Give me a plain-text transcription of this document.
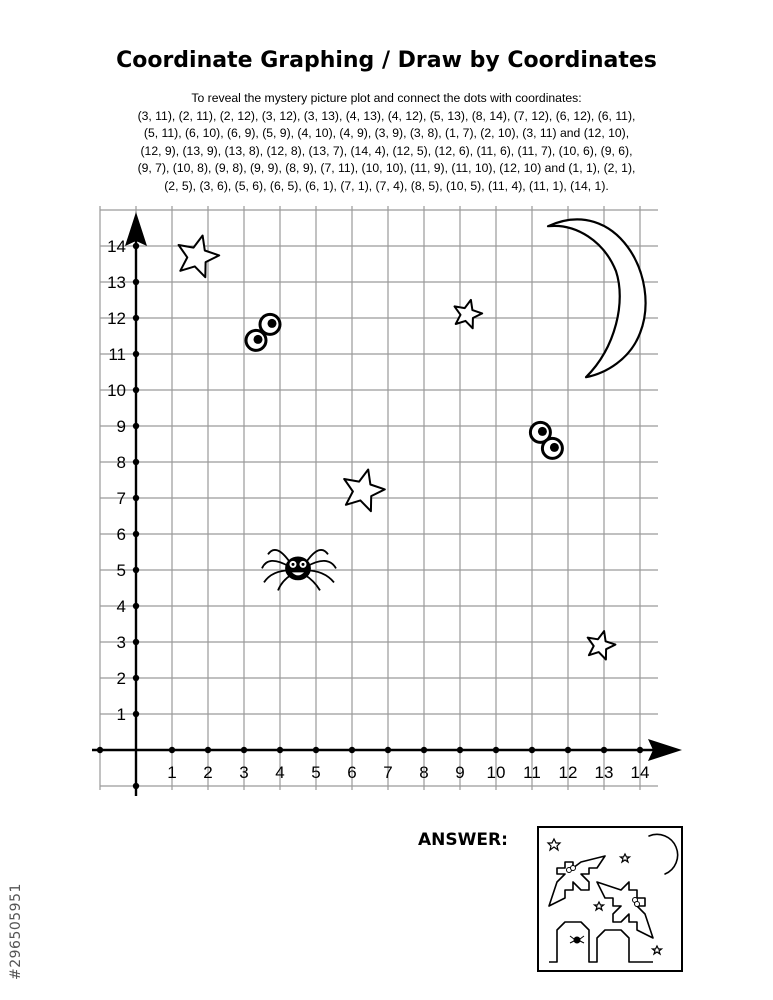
Coordinate Graphing / Draw by Coordinates

To reveal the mystery picture plot and connect the dots with coordinates:

(3, 11), (2, 11), (2, 12), (3, 12), (3, 13), (4, 13), (4, 12), (5, 13), (8, 14), (7, 12), (6, 12), (6, 11),

(5, 11), (6, 10), (6, 9), (5, 9), (4, 10), (4, 9), (3, 9), (3, 8), (1, 7), (2, 10), (3, 11) and (12, 10),

(12, 9), (13, 9), (13, 8), (12, 8), (13, 7), (14, 4), (12, 5), (12, 6), (11, 6), (11, 7), (10, 6), (9, 6),

(9, 7), (10, 8), (9, 8), (9, 9), (8, 9), (7, 11), (10, 10), (11, 9), (11, 10), (12, 10) and (1, 1), (2, 1),

(2, 5), (3, 6), (5, 6), (6, 5), (6, 1), (7, 1), (7, 4), (8, 5), (10, 5), (11, 4), (11, 1), (14, 1).

1 2 3 4 5 6 7 8 9 10 11 12 13 14
1
2
3
4
5
6
7
8
9
10
11
12
13
14
ANSWER:
#296505951
